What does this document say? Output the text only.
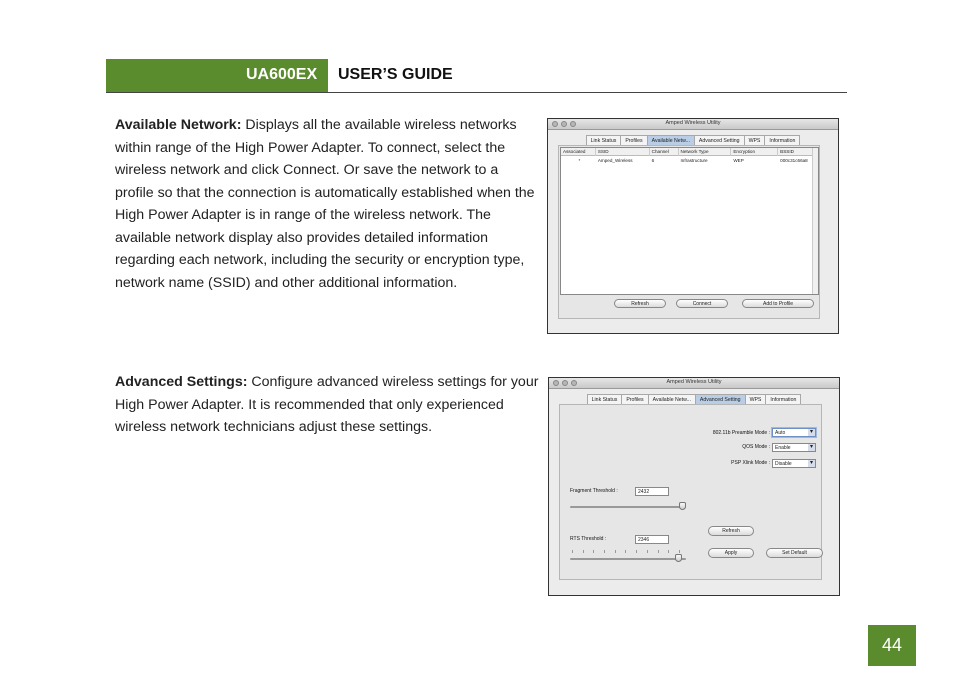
UA600EX USER’S GUIDE

Available Network: Displays all the available wireless networks within range of the High Power Adapter. To connect, select the wireless network and click Connect. Or save the network to a profile so that the connection is automatically established when the High Power Adapter is in range of the wireless network. The available network display also provides detailed information regarding each network, including the security or encryption type, network name (SSID) and other additional information.

Advanced Settings: Configure advanced wireless settings for your High Power Adapter. It is recommended that only experienced wireless network technicians adjust these settings.

Amped Wireless Utility
Link Status	Profiles	Available Netw...	Advanced Setting	WPS	Information
Associated	SSID	Channel	Network Type	Encryption	BSSID
*	Amped_Wireless	6	Infrastructure	WEP	000c31c66a8
Refresh	Connect	Add to Profile
Amped Wireless Utility
Link Status	Profiles	Available Netw...	Advanced Setting	WPS	Information
802.11b Preamble Mode :	Auto ▾
QOS Mode :	Enable ▾
PSP Xlink Mode :	Disable ▾
Fragment Threshold :	2432
Refresh
RTS Threshold :	2346
Apply	Set Default
44
